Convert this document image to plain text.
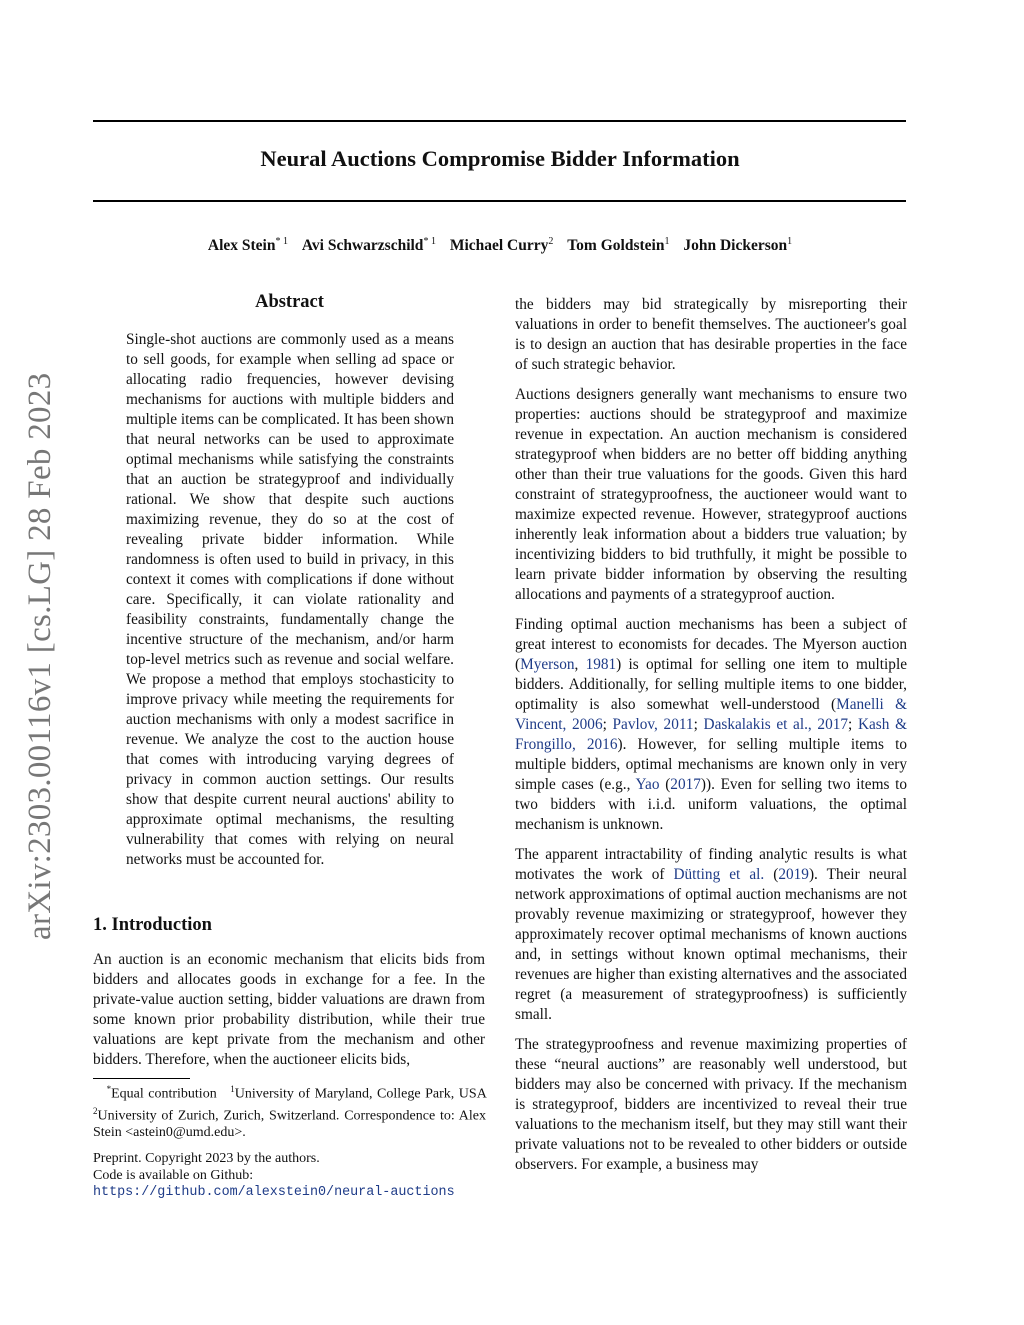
arXiv:2303.00116v1 [cs.LG] 28 Feb 2023
Neural Auctions Compromise Bidder Information
Alex Stein$^{* 1}$ Avi Schwarzschild$^{* 1}$ Michael Curry$^2$ Tom Goldstein$^1$ John Dickerson$^1$
Abstract

Single-shot auctions are commonly used as a means to sell goods, for example when selling ad space or allocating radio frequencies, however devising mechanisms for auctions with multiple bidders and multiple items can be complicated. It has been shown that neural networks can be used to approximate optimal mechanisms while satisfying the constraints that an auction be strategyproof and individually rational. We show that despite such auctions maximizing revenue, they do so at the cost of revealing private bidder information. While randomness is often used to build in privacy, in this context it comes with complications if done without care. Specifically, it can violate rationality and feasibility constraints, fundamentally change the incentive structure of the mechanism, and/or harm top-level metrics such as revenue and social welfare. We propose a method that employs stochasticity to improve privacy while meeting the requirements for auction mechanisms with only a modest sacrifice in revenue. We analyze the cost to the auction house that comes with introducing varying degrees of privacy in common auction settings. Our results show that despite current neural auctions' ability to approximate optimal mechanisms, the resulting vulnerability that comes with relying on neural networks must be accounted for.

1. Introduction

An auction is an economic mechanism that elicits bids from bidders and allocates goods in exchange for a fee. In the private-value auction setting, bidder valuations are drawn from some known prior probability distribution, while their true valuations are kept private from the mechanism and other bidders. Therefore, when the auctioneer elicits bids,

the bidders may bid strategically by misreporting their valuations in order to benefit themselves. The auctioneer's goal is to design an auction that has desirable properties in the face of such strategic behavior.

Auctions designers generally want mechanisms to ensure two properties: auctions should be strategyproof and maximize revenue in expectation. An auction mechanism is considered strategyproof when bidders are no better off bidding anything other than their true valuations for the goods. Given this hard constraint of strategyproofness, the auctioneer would want to maximize expected revenue. However, strategyproof auctions inherently leak information about a bidders true valuation; by incentivizing bidders to bid truthfully, it might be possible to learn private bidder information by observing the resulting allocations and payments of a strategyproof auction.

Finding optimal auction mechanisms has been a subject of great interest to economists for decades. The Myerson auction (Myerson, 1981) is optimal for selling one item to multiple bidders. Additionally, for selling multiple items to one bidder, optimality is also somewhat well-understood (Manelli & Vincent, 2006; Pavlov, 2011; Daskalakis et al., 2017; Kash & Frongillo, 2016). However, for selling multiple items to multiple bidders, optimal mechanisms are known only in very simple cases (e.g., Yao (2017)). Even for selling two items to two bidders with i.i.d. uniform valuations, the optimal mechanism is unknown.

The apparent intractability of finding analytic results is what motivates the work of Dütting et al. (2019). Their neural network approximations of optimal auction mechanisms are not provably revenue maximizing or strategyproof, however they approximately recover optimal mechanisms of known auctions and, in settings without known optimal mechanisms, their revenues are higher than existing alternatives and the associated regret (a measurement of strategyproofness) is sufficiently small.

The strategyproofness and revenue maximizing properties of these “neural auctions” are reasonably well understood, but bidders may also be concerned with privacy. If the mechanism is strategyproof, bidders are incentivized to reveal their true valuations to the mechanism itself, but they may still want their private valuations not to be revealed to other bidders or outside observers. For example, a business may

*Equal contribution $^1$University of Maryland, College Park, USA $^2$University of Zurich, Zurich, Switzerland. Correspondence to: Alex Stein <astein0@umd.edu>.
Preprint. Copyright 2023 by the authors.
Code is available on Github:
https://github.com/alexstein0/neural-auctions
